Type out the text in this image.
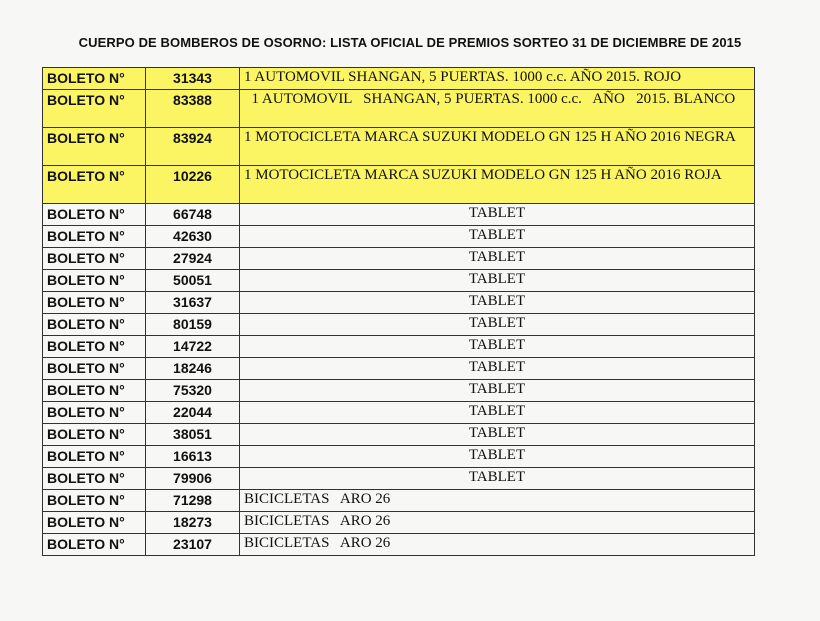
CUERPO DE BOMBEROS DE OSORNO: LISTA OFICIAL DE PREMIOS SORTEO 31 DE DICIEMBRE DE 2015
BOLETO N°	31343	1 AUTOMOVIL SHANGAN, 5 PUERTAS. 1000 c.c. AÑO 2015. ROJO
BOLETO N°	83388	1 AUTOMOVIL   SHANGAN, 5 PUERTAS. 1000 c.c.   AÑO   2015. BLANCO
BOLETO N°	83924	1 MOTOCICLETA MARCA SUZUKI MODELO GN 125 H AÑO 2016 NEGRA
BOLETO N°	10226	1 MOTOCICLETA MARCA SUZUKI MODELO GN 125 H AÑO 2016 ROJA
BOLETO N°	66748	TABLET
BOLETO N°	42630	TABLET
BOLETO N°	27924	TABLET
BOLETO N°	50051	TABLET
BOLETO N°	31637	TABLET
BOLETO N°	80159	TABLET
BOLETO N°	14722	TABLET
BOLETO N°	18246	TABLET
BOLETO N°	75320	TABLET
BOLETO N°	22044	TABLET
BOLETO N°	38051	TABLET
BOLETO N°	16613	TABLET
BOLETO N°	79906	TABLET
BOLETO N°	71298	BICICLETAS   ARO 26
BOLETO N°	18273	BICICLETAS   ARO 26
BOLETO N°	23107	BICICLETAS   ARO 26
